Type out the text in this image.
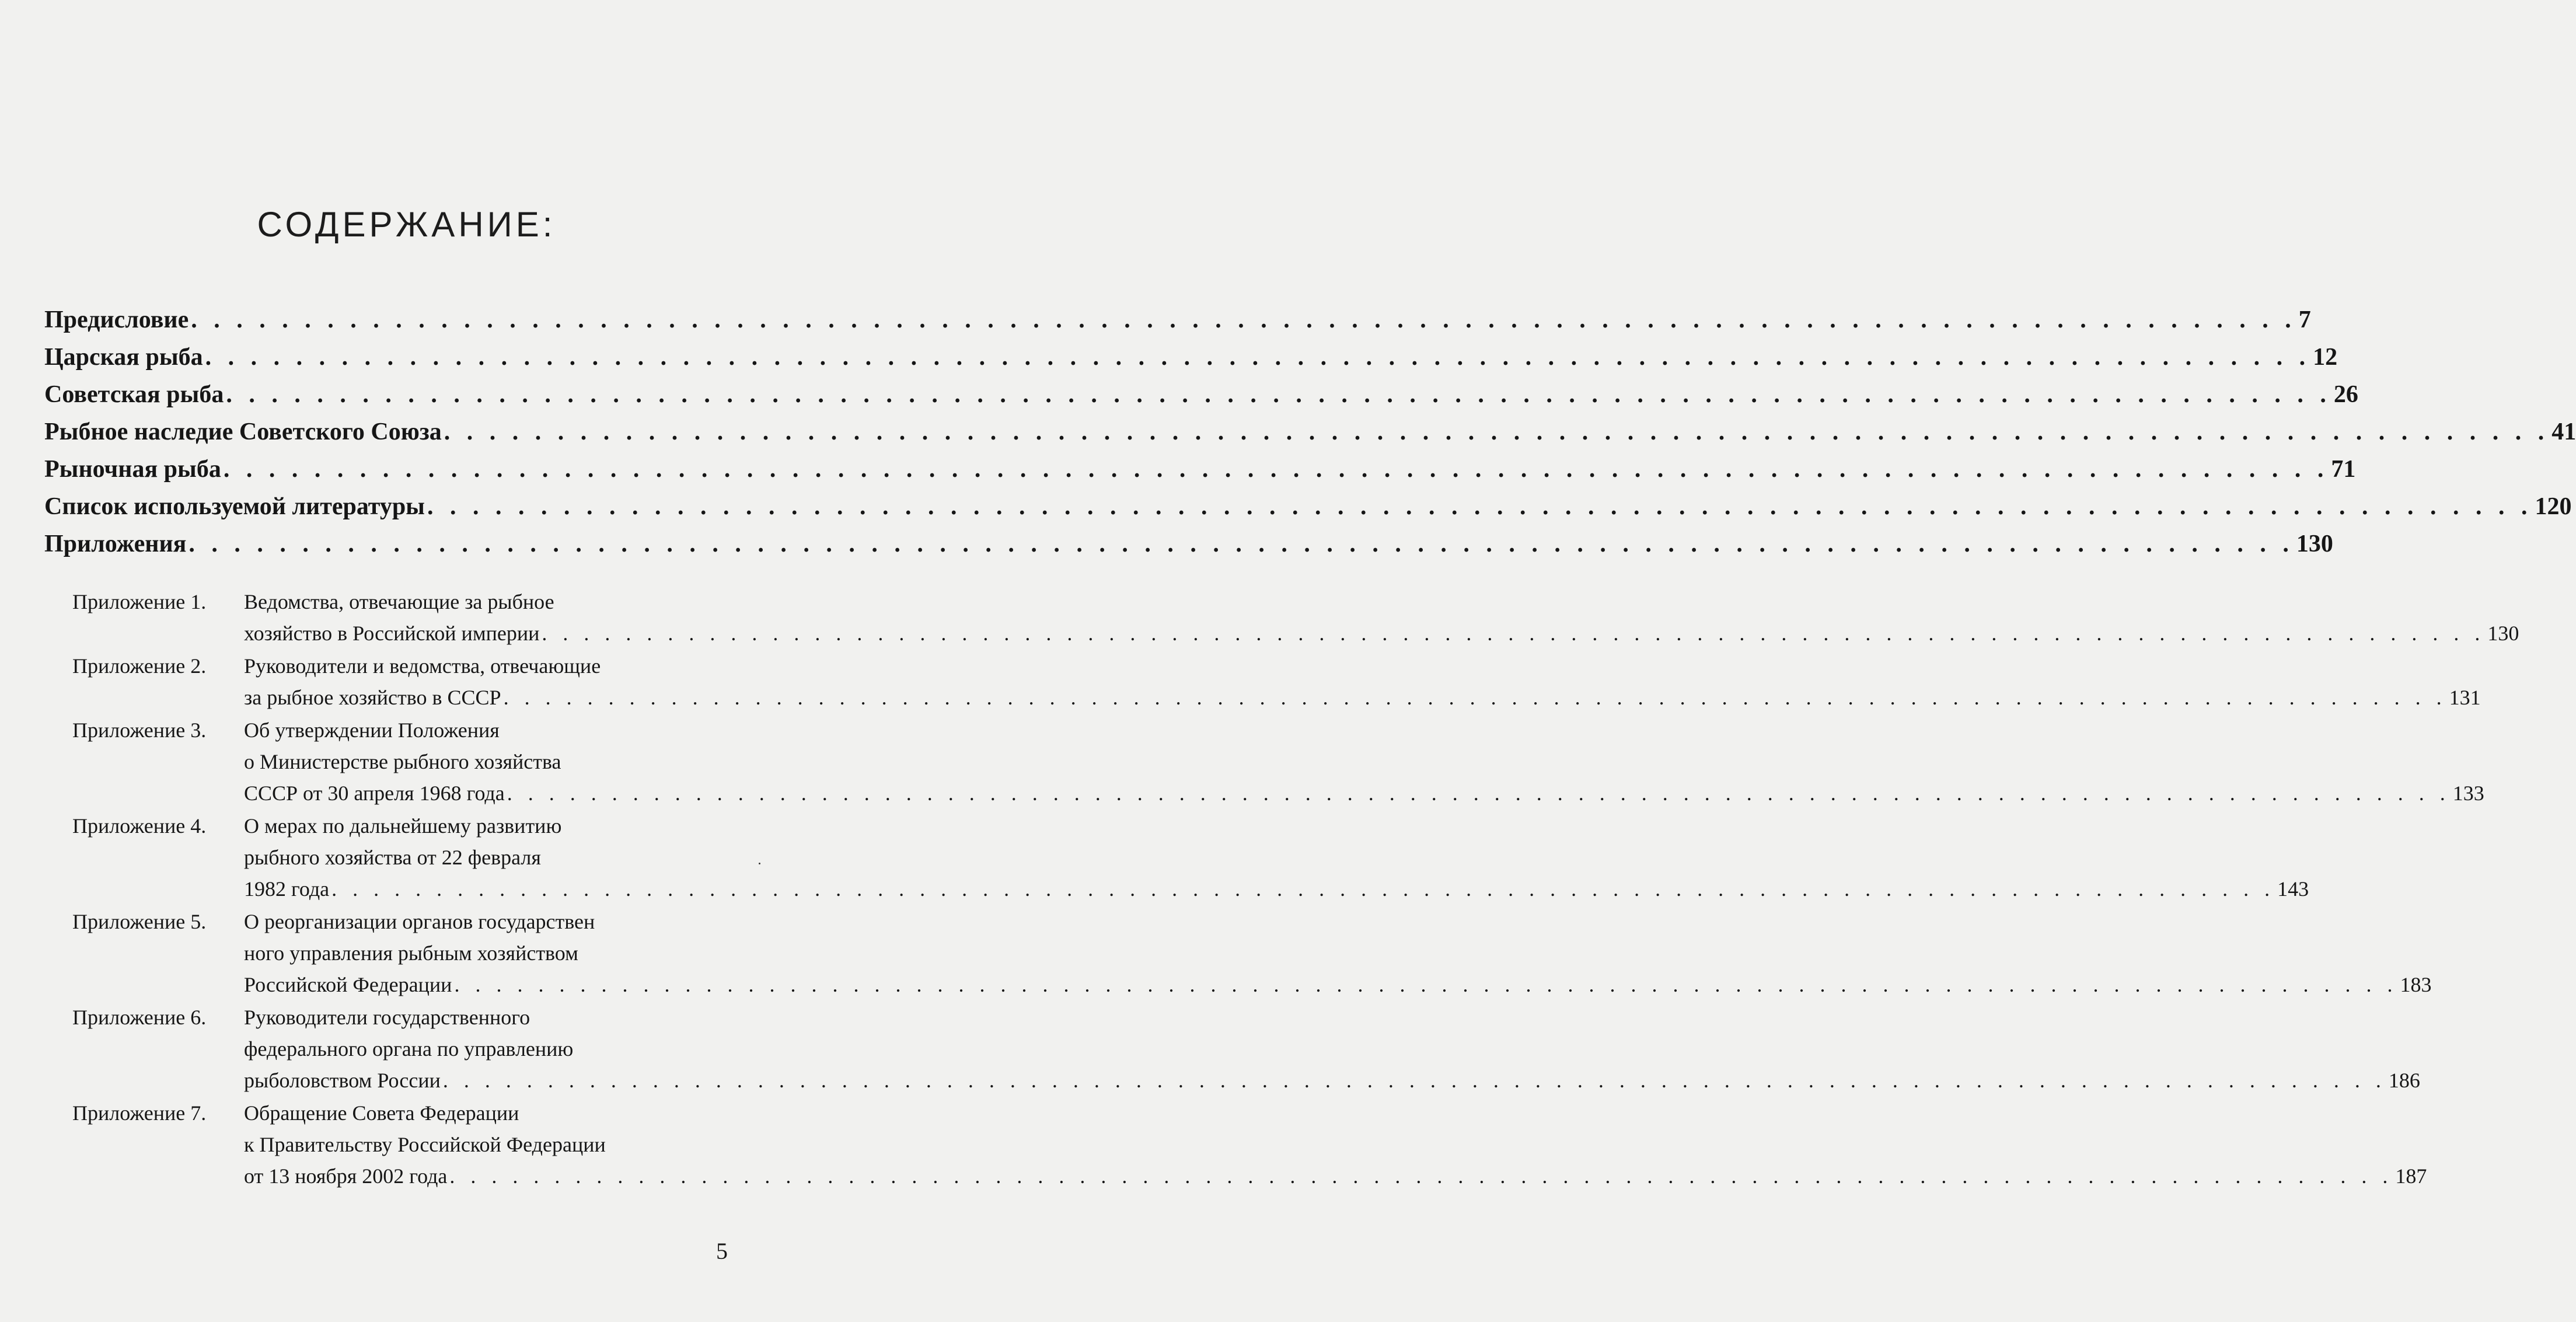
СОДЕРЖАНИЕ:
Предисловие . . .	7
Царская рыба . . .	12
Советская рыба . . .	26
Рыбное наследие Советского Союза . . .	41
Рыночная рыба . . .	71
Список используемой литературы . . .	120
Приложения . . .	130
Приложение 1.	Ведомства, отвечающие за рыбное
хозяйство в Российской империи . . .	130
Приложение 2.	Руководители и ведомства, отвечающие
за рыбное хозяйство в СССР . . .	131
Приложение 3.	Об утверждении Положения
о Министерстве рыбного хозяйства
СССР от 30 апреля 1968 года . . .	133
Приложение 4.	О мерах по дальнейшему развитию
рыбного хозяйства от 22 февраля
1982 года . . .	143
Приложение 5.	О реорганизации органов государствен
ного управления рыбным хозяйством
Российской Федерации . . .	183
Приложение 6.	Руководители государственного
федерального органа по управлению
рыболовством России . . .	186
Приложение 7.	Обращение Совета Федерации
к Правительству Российской Федерации
от 13 ноября 2002 года . . .	187
5
